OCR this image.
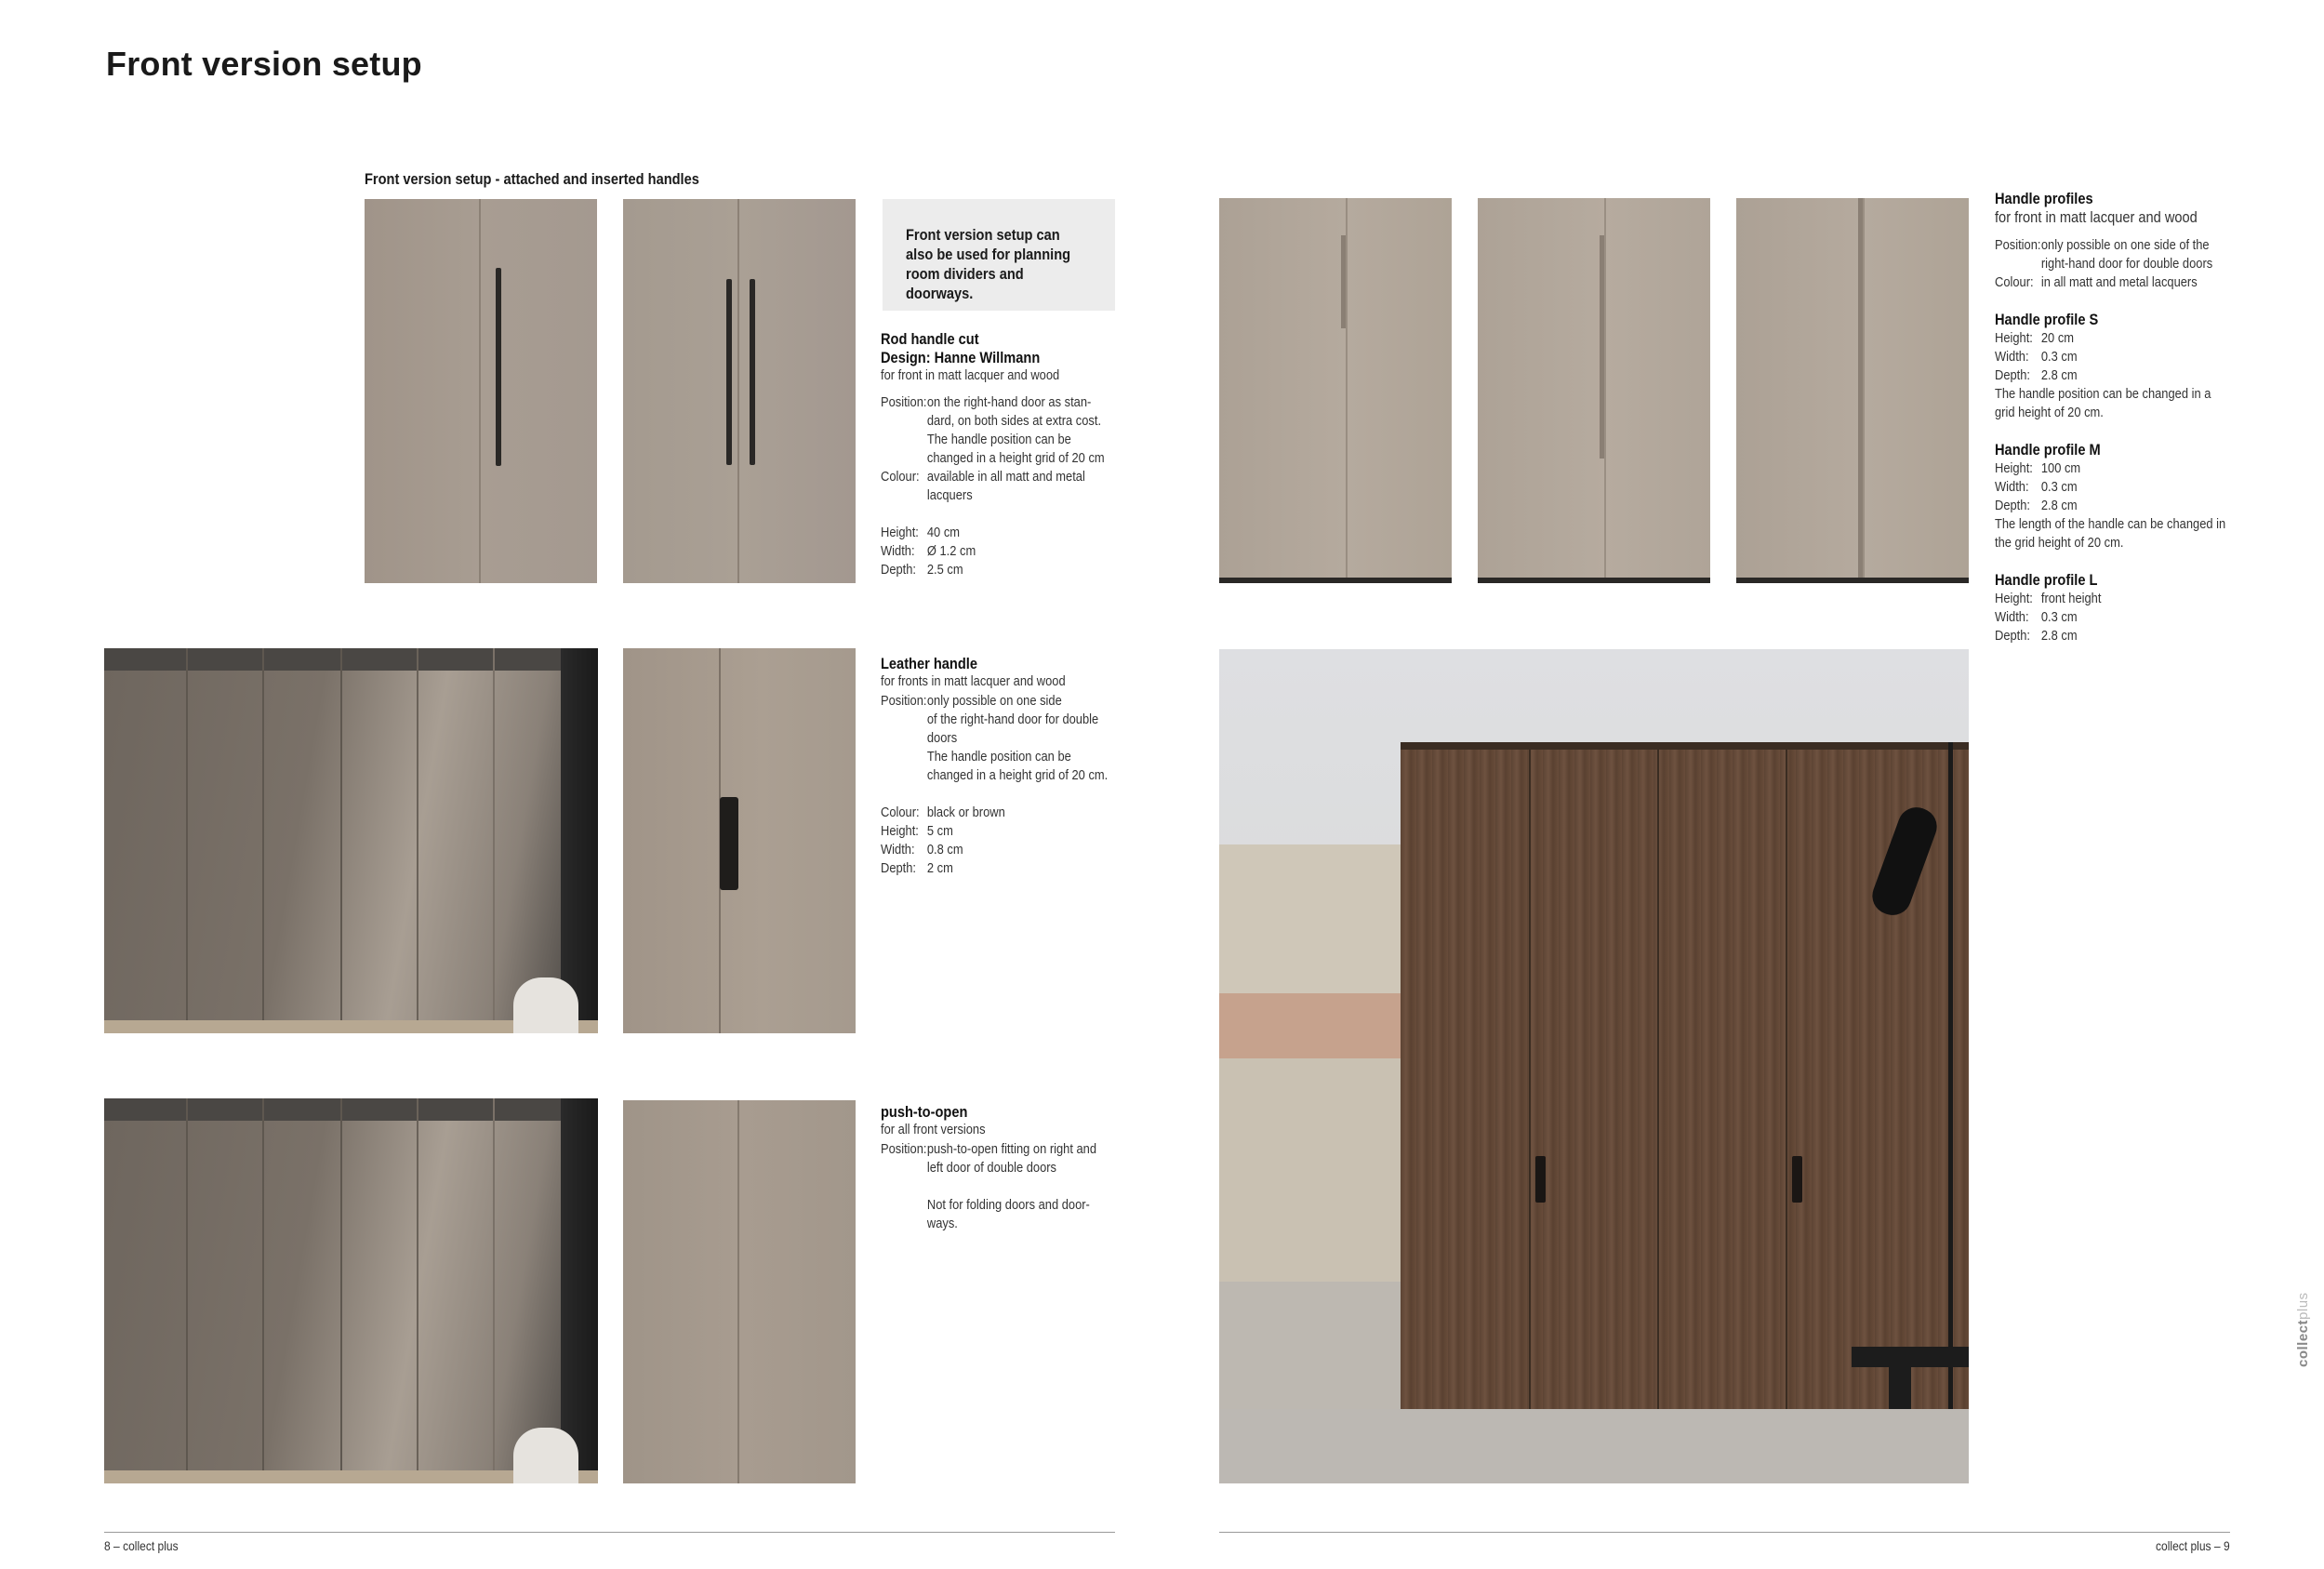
Front version setup
Front version setup - attached and inserted handles
Front version setup can also be used for planning room dividers and doorways.
Rod handle cut
Design: Hanne Willmann
for front in matt lacquer and wood
Position: on the right-hand door as stan-
dard, on both sides at extra cost.
The handle position can be
changed in a height grid of 20 cm
Colour: available in all matt and metal
lacquers
Height: 40 cm
Width: Ø 1.2 cm
Depth: 2.5 cm
Leather handle
for fronts in matt lacquer and wood
Position: only possible on one side
of the right-hand door for double
doors
The handle position can be
changed in a height grid of 20 cm.
Colour: black or brown
Height: 5 cm
Width: 0.8 cm
Depth: 2 cm
push-to-open
for all front versions
Position: push-to-open fitting on right and
left door of double doors
Not for folding doors and door-
ways.
Handle profiles
for front in matt lacquer and wood
Position: only possible on one side of the
right-hand door for double doors
Colour: in all matt and metal lacquers
Handle profile S
Height: 20 cm
Width: 0.3 cm
Depth: 2.8 cm
The handle position can be changed in a
grid height of 20 cm.
Handle profile M
Height: 100 cm
Width: 0.3 cm
Depth: 2.8 cm
The length of the handle can be changed in
the grid height of 20 cm.
Handle profile L
Height: front height
Width: 0.3 cm
Depth: 2.8 cm
collectplus
8 – collect plus	collect plus – 9
